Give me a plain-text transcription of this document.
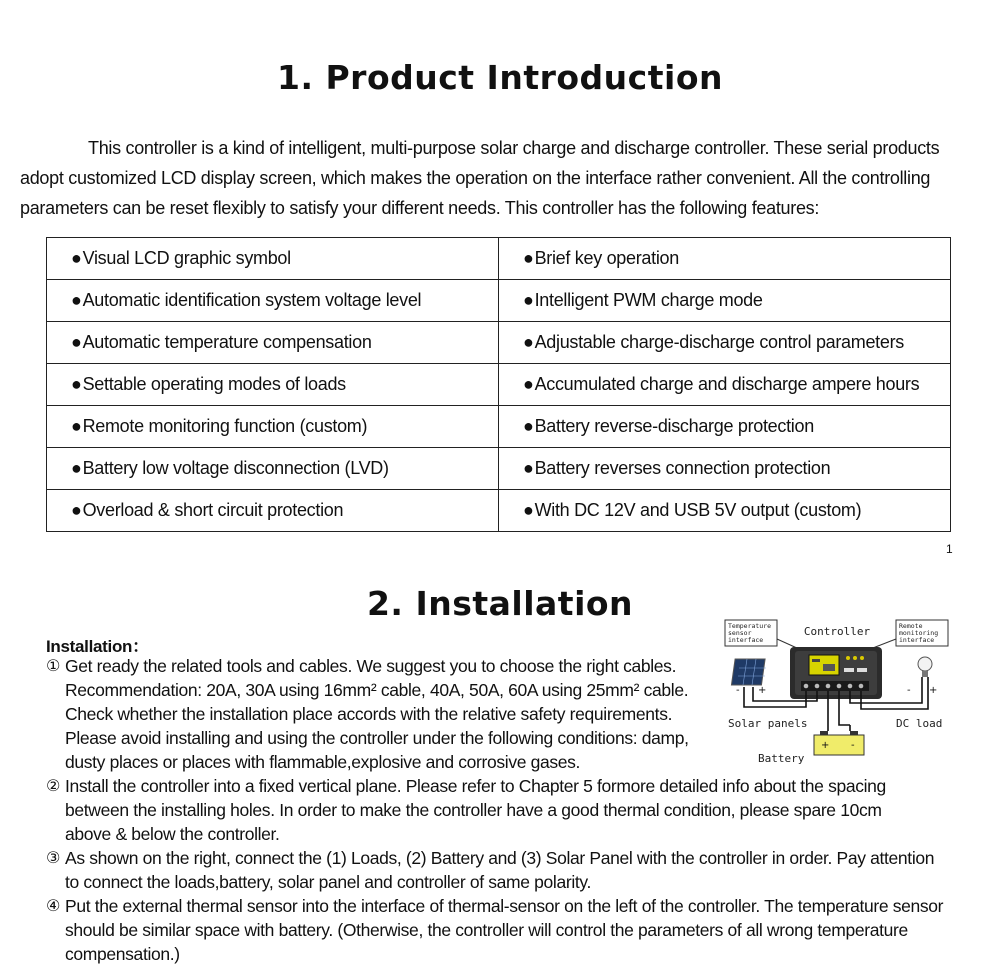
1. Product Introduction

This controller is a kind of intelligent, multi-purpose solar charge and discharge controller. These serial products
adopt customized LCD display screen, which makes the operation on the interface rather convenient. All the controlling
parameters can be reset flexibly to satisfy your different needs. This controller has the following features:

●Visual LCD graphic symbol	●Brief key operation
●Automatic identification system voltage level	●Intelligent PWM charge mode
●Automatic temperature compensation	●Adjustable charge-discharge control parameters
●Settable operating modes of loads	●Accumulated charge and discharge ampere hours
●Remote monitoring function (custom)	●Battery reverse-discharge protection
●Battery low voltage disconnection (LVD)	●Battery reverses connection protection
●Overload & short circuit protection	●With DC 12V and USB 5V output (custom)
1
2. Installation
Installation：
① Get ready the related tools and cables. We suggest you to choose the right cables.
Recommendation: 20A, 30A using 16mm² cable, 40A, 50A, 60A using 25mm² cable.
Check whether the installation place accords with the relative safety requirements.
Please avoid installing and using the controller under the following conditions: damp,
dusty places or places with flammable,explosive and corrosive gases.
② Install the controller into a fixed vertical plane. Please refer to Chapter 5 formore detailed info about the spacing
between the installing holes. In order to make the controller have a good thermal condition, please spare 10cm
above & below the controller.
③ As shown on the right, connect the (1) Loads, (2) Battery and (3) Solar Panel with the controller in order. Pay attention
to connect the loads,battery, solar panel and controller of same polarity.
④ Put the external thermal sensor into the interface of thermal-sensor on the left of the controller. The temperature sensor
should be similar space with battery. (Otherwise, the controller will control the parameters of all wrong temperature
compensation.)
Temperature sensor interface
Remote monitoring interface
Controller
- +	- +
+ -
Solar panels	DC load
Battery
